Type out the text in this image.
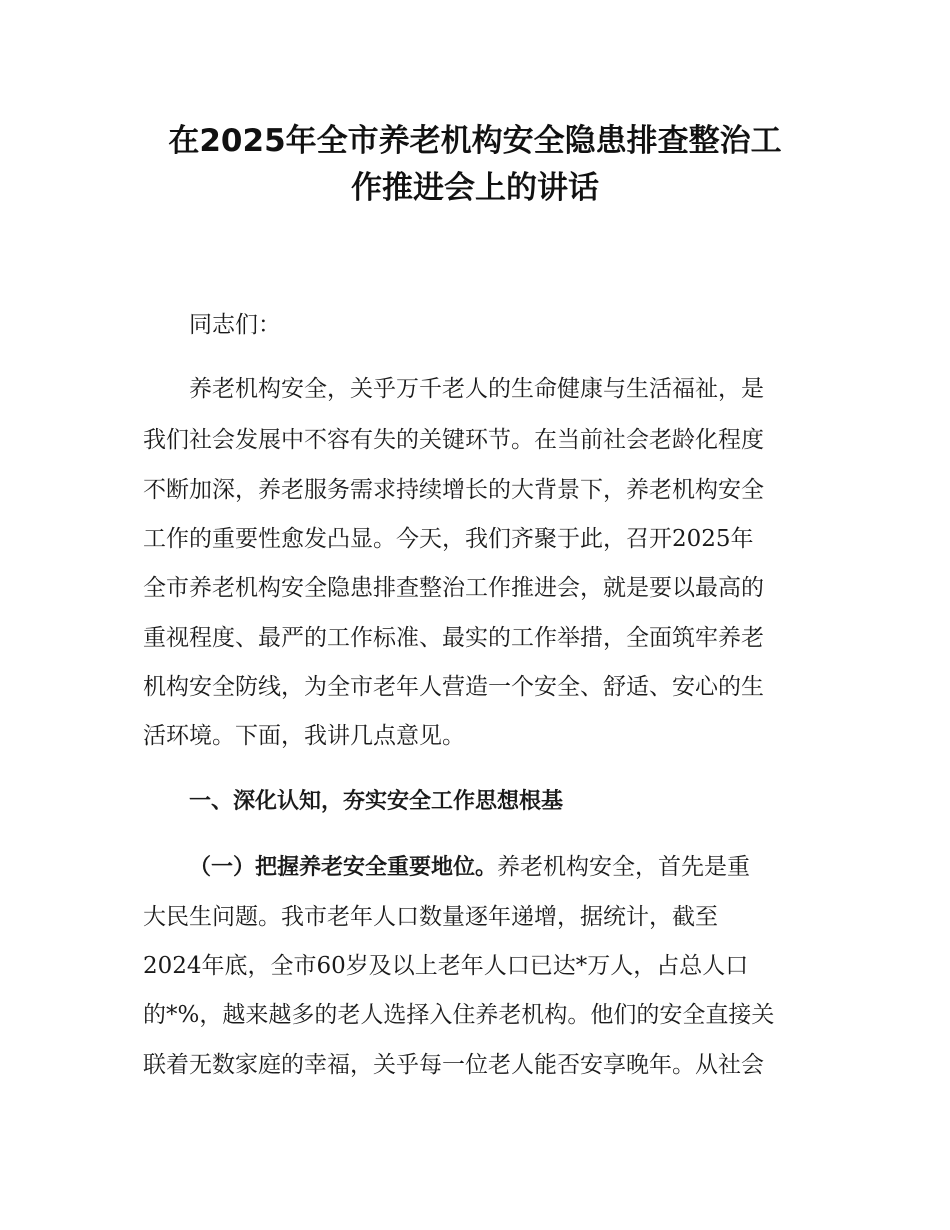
在2025年全市养老机构安全隐患排查整治工
作推进会上的讲话

同志们：

养老机构安全，关乎万千老人的生命健康与生活福祉，是

我们社会发展中不容有失的关键环节。在当前社会老龄化程度

不断加深，养老服务需求持续增长的大背景下，养老机构安全

工作的重要性愈发凸显。今天，我们齐聚于此，召开2025年

全市养老机构安全隐患排查整治工作推进会，就是要以最高的

重视程度、最严的工作标准、最实的工作举措，全面筑牢养老

机构安全防线，为全市老年人营造一个安全、舒适、安心的生

活环境。下面，我讲几点意见。

一、深化认知，夯实安全工作思想根基

（一）把握养老安全重要地位。养老机构安全，首先是重

大民生问题。我市老年人口数量逐年递增，据统计，截至

2024年底，全市60岁及以上老年人口已达*万人，占总人口

的*%，越来越多的老人选择入住养老机构。他们的安全直接关

联着无数家庭的幸福，关乎每一位老人能否安享晚年。从社会
